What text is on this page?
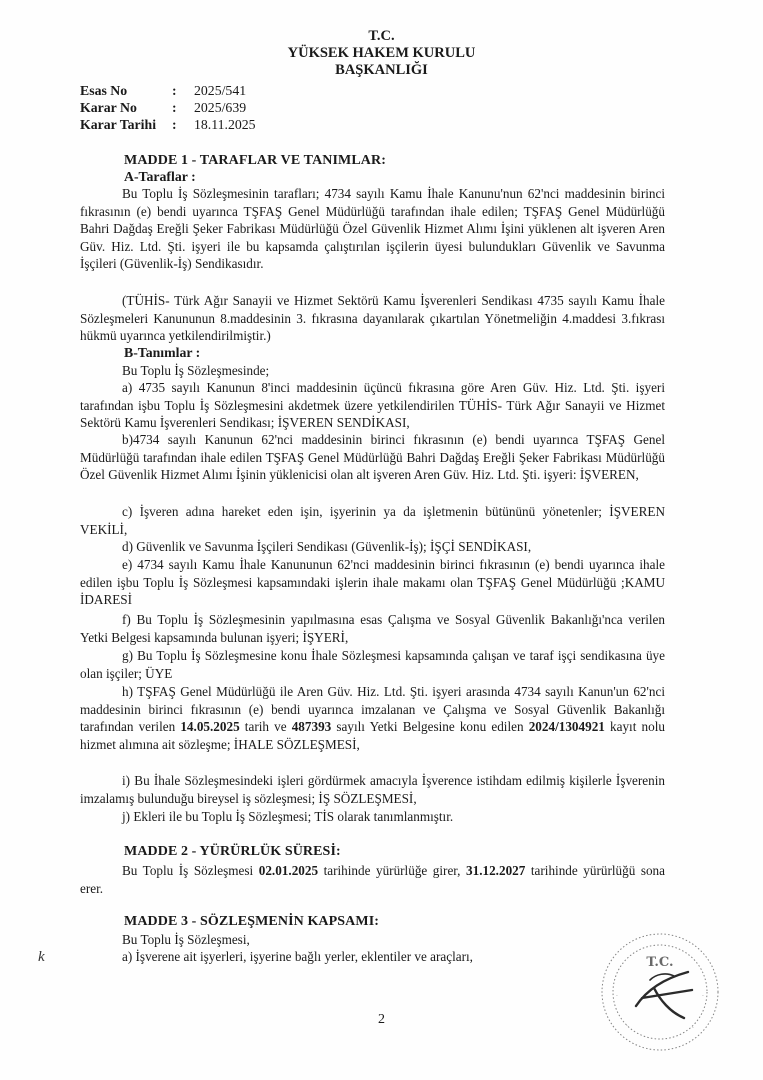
T.C.
YÜKSEK HAKEM KURULU
BAŞKANLIĞI
Esas No	: 2025/541
Karar No	: 2025/639
Karar Tarihi : 18.11.2025
MADDE 1 - TARAFLAR VE TANIMLAR:
A-Taraflar :
Bu Toplu İş Sözleşmesinin tarafları; 4734 sayılı Kamu İhale Kanunu'nun 62'nci maddesinin birinci fıkrasının (e) bendi uyarınca TŞFAŞ Genel Müdürlüğü tarafından ihale edilen; TŞFAŞ Genel Müdürlüğü Bahri Dağdaş Ereğli Şeker Fabrikası Müdürlüğü Özel Güvenlik Hizmet Alımı İşini yüklenen alt işveren Aren Güv. Hiz. Ltd. Şti. işyeri ile bu kapsamda çalıştırılan işçilerin üyesi bulundukları Güvenlik ve Savunma İşçileri (Güvenlik-İş) Sendikasıdır.
(TÜHİS- Türk Ağır Sanayii ve Hizmet Sektörü Kamu İşverenleri Sendikası 4735 sayılı Kamu İhale Sözleşmeleri Kanununun 8.maddesinin 3. fıkrasına dayanılarak çıkartılan Yönetmeliğin 4.maddesi 3.fıkrası hükmü uyarınca yetkilendirilmiştir.)
B-Tanımlar :
Bu Toplu İş Sözleşmesinde;
a) 4735 sayılı Kanunun 8'inci maddesinin üçüncü fıkrasına göre Aren Güv. Hiz. Ltd. Şti. işyeri tarafından işbu Toplu İş Sözleşmesini akdetmek üzere yetkilendirilen TÜHİS- Türk Ağır Sanayii ve Hizmet Sektörü Kamu İşverenleri Sendikası; İŞVEREN SENDİKASI,
b)4734 sayılı Kanunun 62'nci maddesinin birinci fıkrasının (e) bendi uyarınca TŞFAŞ Genel Müdürlüğü tarafından ihale edilen TŞFAŞ Genel Müdürlüğü Bahri Dağdaş Ereğli Şeker Fabrikası Müdürlüğü Özel Güvenlik Hizmet Alımı İşinin yüklenicisi olan alt işveren Aren Güv. Hiz. Ltd. Şti. işyeri: İŞVEREN,
c) İşveren adına hareket eden işin, işyerinin ya da işletmenin bütününü yönetenler; İŞVEREN VEKİLİ,
d) Güvenlik ve Savunma İşçileri Sendikası (Güvenlik-İş); İŞÇİ SENDİKASI,
e) 4734 sayılı Kamu İhale Kanununun 62'nci maddesinin birinci fıkrasının (e) bendi uyarınca ihale edilen işbu Toplu İş Sözleşmesi kapsamındaki işlerin ihale makamı olan TŞFAŞ Genel Müdürlüğü ;KAMU İDARESİ
f) Bu Toplu İş Sözleşmesinin yapılmasına esas Çalışma ve Sosyal Güvenlik Bakanlığı'nca verilen Yetki Belgesi kapsamında bulunan işyeri; İŞYERİ,
g) Bu Toplu İş Sözleşmesine konu İhale Sözleşmesi kapsamında çalışan ve taraf işçi sendikasına üye olan işçiler; ÜYE
h) TŞFAŞ Genel Müdürlüğü ile Aren Güv. Hiz. Ltd. Şti. işyeri arasında 4734 sayılı Kanun'un 62'nci maddesinin birinci fıkrasının (e) bendi uyarınca imzalanan ve Çalışma ve Sosyal Güvenlik Bakanlığı tarafından verilen 14.05.2025 tarih ve 487393 sayılı Yetki Belgesine konu edilen 2024/1304921 kayıt nolu hizmet alımına ait sözleşme; İHALE SÖZLEŞMESİ,
i) Bu İhale Sözleşmesindeki işleri gördürmek amacıyla İşverence istihdam edilmiş kişilerle İşverenin imzalamış bulunduğu bireysel iş sözleşmesi; İŞ SÖZLEŞMESİ,
j) Ekleri ile bu Toplu İş Sözleşmesi; TİS olarak tanımlanmıştır.
MADDE 2 - YÜRÜRLÜK SÜRESİ:
Bu Toplu İş Sözleşmesi 02.01.2025 tarihinde yürürlüğe girer, 31.12.2027 tarihinde yürürlüğü sona erer.
MADDE 3 - SÖZLEŞMENİN KAPSAMI:
Bu Toplu İş Sözleşmesi,
a) İşverene ait işyerleri, işyerine bağlı yerler, eklentiler ve araçları,
k	T.C.
·	·
·	·
2
